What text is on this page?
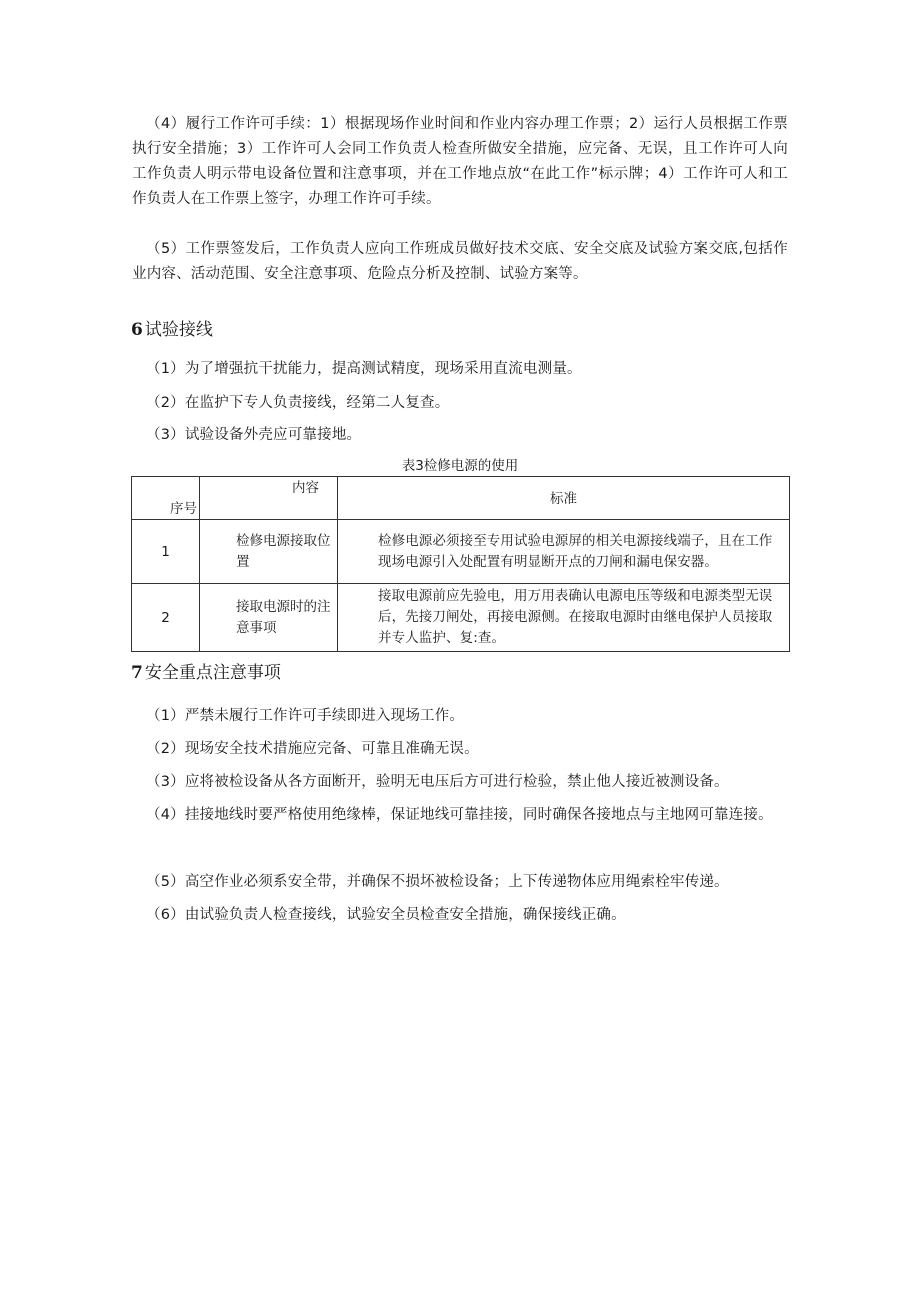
（4）履行工作许可手续：1）根据现场作业时间和作业内容办理工作票；2）运行人员根据工作票执行安全措施；3）工作许可人会同工作负责人检查所做安全措施，应完备、无误，且工作许可人向工作负责人明示带电设备位置和注意事项，并在工作地点放“在此工作”标示牌；4）工作许可人和工作负责人在工作票上签字，办理工作许可手续。

（5）工作票签发后，工作负责人应向工作班成员做好技术交底、安全交底及试验方案交底,包括作业内容、活动范围、安全注意事项、危险点分析及控制、试验方案等。

6 试验接线

（1）为了增强抗干扰能力，提高测试精度，现场采用直流电测量。

（2）在监护下专人负责接线，经第二人复查。

（3）试验设备外壳应可靠接地。

表3检修电源的使用

序号	内容	标准

1	检修电源接取位置	检修电源必须接至专用试验电源屏的相关电源接线端子，且在工作现场电源引入处配置有明显断开点的刀闸和漏电保安器。
2	接取电源时的注意事项	接取电源前应先验电，用万用表确认电源电压等级和电源类型无误后，先接刀闸处，再接电源侧。在接取电源时由继电保护人员接取并专人监护、复:查。
7 安全重点注意事项

（1）严禁未履行工作许可手续即进入现场工作。

（2）现场安全技术措施应完备、可靠且准确无误。

（3）应将被检设备从各方面断开，验明无电压后方可进行检验，禁止他人接近被测设备。

（4）挂接地线时要严格使用绝缘棒，保证地线可靠挂接，同时确保各接地点与主地网可靠连接。

（5）高空作业必须系安全带，并确保不损坏被检设备；上下传递物体应用绳索栓牢传递。

（6）由试验负责人检查接线，试验安全员检查安全措施，确保接线正确。
